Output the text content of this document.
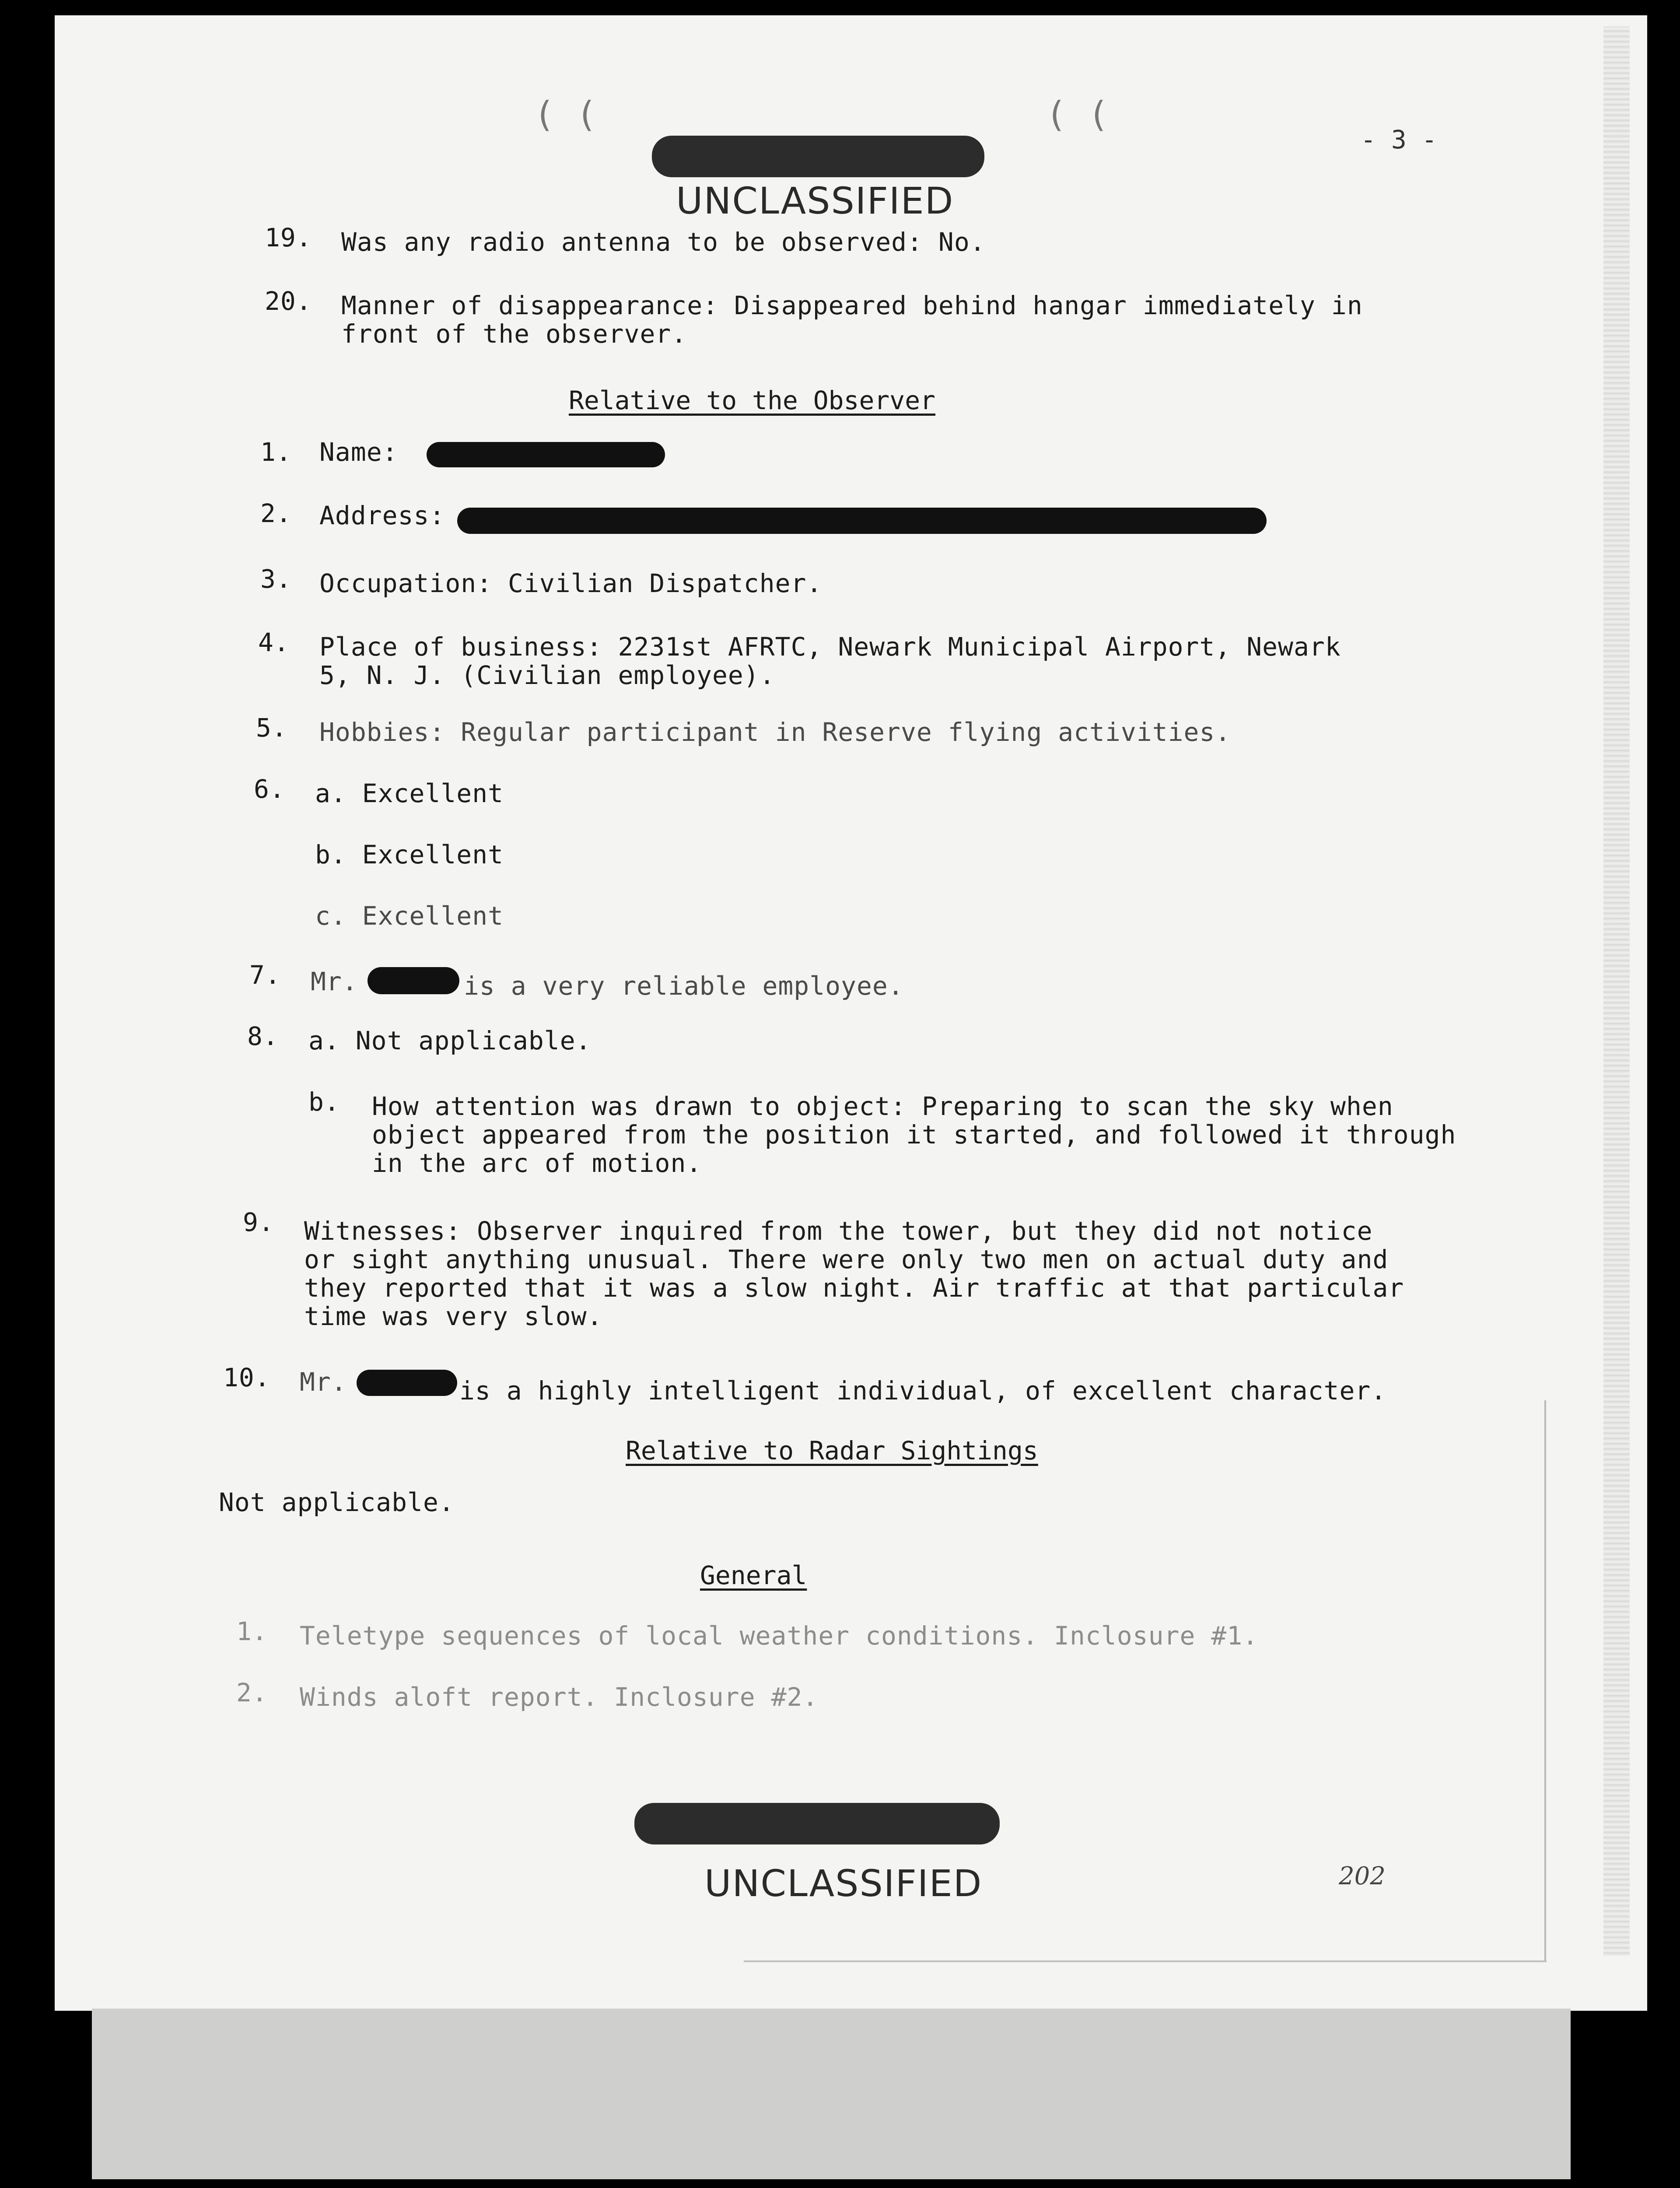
( (	( (
- 3 -
UNCLASSIFIED
19. Was any radio antenna to be observed: No.
20. Manner of disappearance: Disappeared behind hangar immediately in
front of the observer.
Relative to the Observer
1. Name:
2. Address:
3. Occupation: Civilian Dispatcher.
4. Place of business: 2231st AFRTC, Newark Municipal Airport, Newark
5, N. J. (Civilian employee).
5. Hobbies: Regular participant in Reserve flying activities.
6. a. Excellent
b. Excellent
c. Excellent
7. Mr.	is a very reliable employee.
8. a. Not applicable.
b. How attention was drawn to object: Preparing to scan the sky when
object appeared from the position it started, and followed it through
in the arc of motion.
9. Witnesses: Observer inquired from the tower, but they did not notice
or sight anything unusual. There were only two men on actual duty and
they reported that it was a slow night. Air traffic at that particular
time was very slow.
10. Mr.	is a highly intelligent individual, of excellent character.
Relative to Radar Sightings
Not applicable.
General
1. Teletype sequences of local weather conditions. Inclosure #1.
2. Winds aloft report. Inclosure #2.
UNCLASSIFIED	202
